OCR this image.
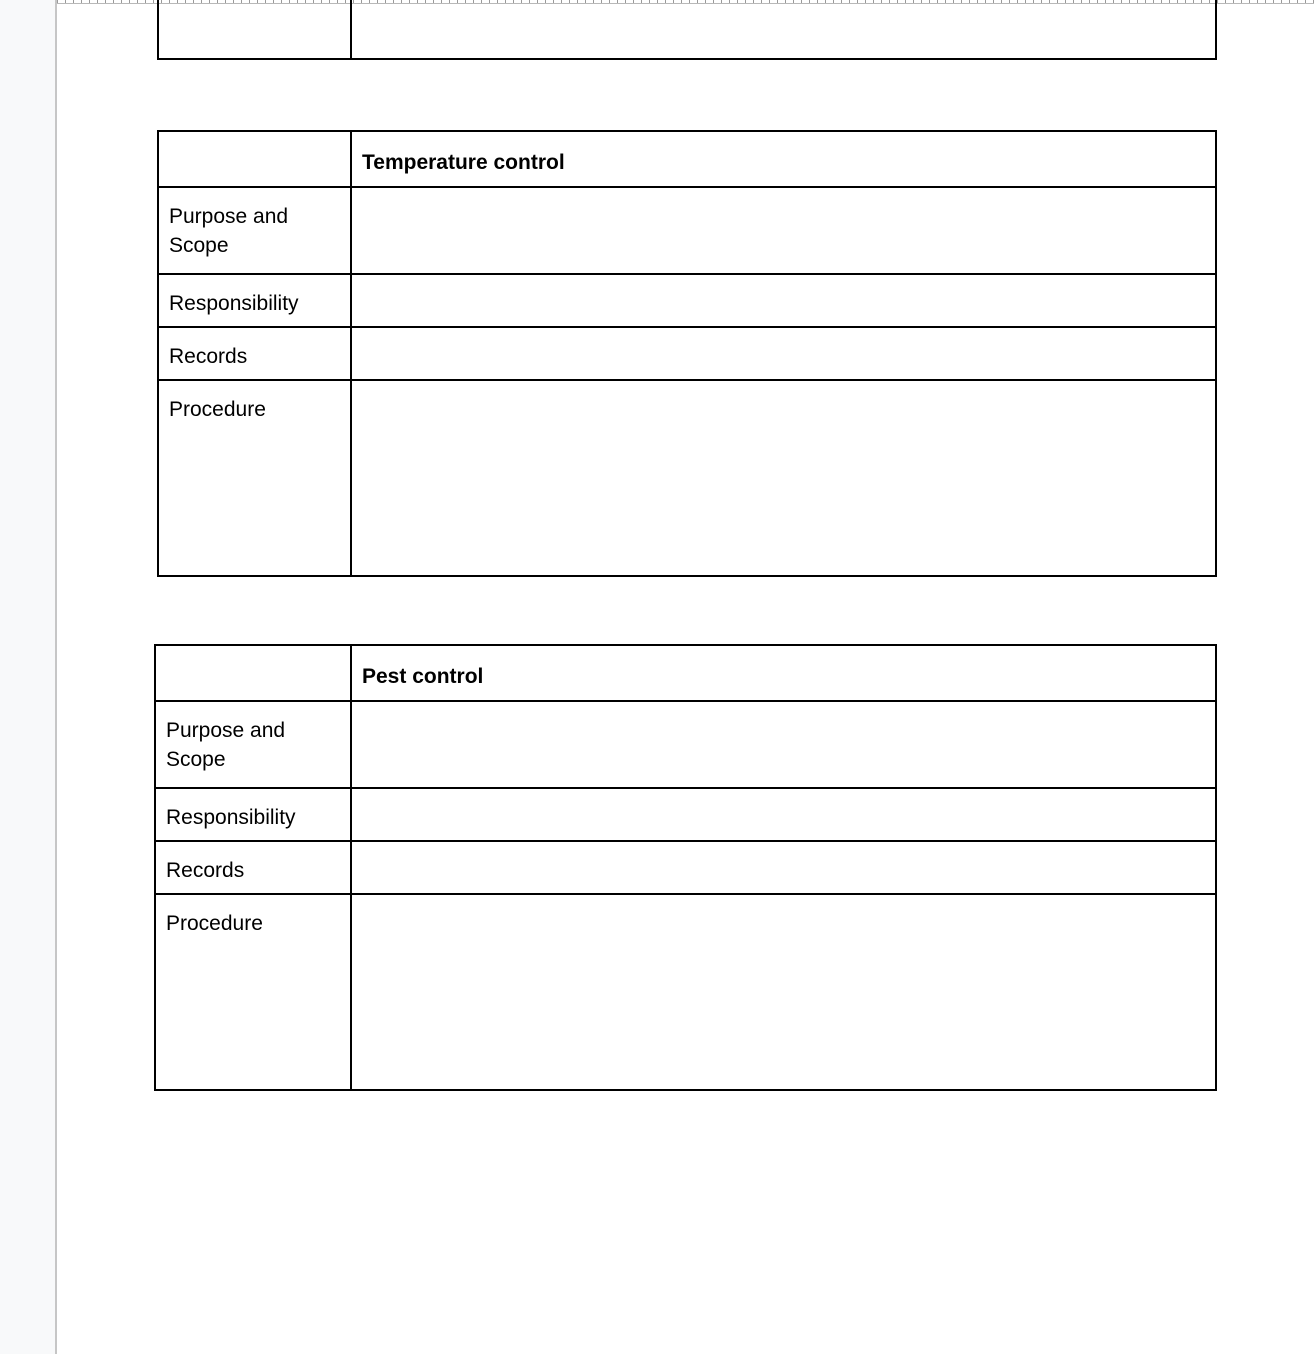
	Temperature control
Purpose and Scope	
Responsibility	
Records	
Procedure	
	Pest control
Purpose and Scope	
Responsibility	
Records	
Procedure	
